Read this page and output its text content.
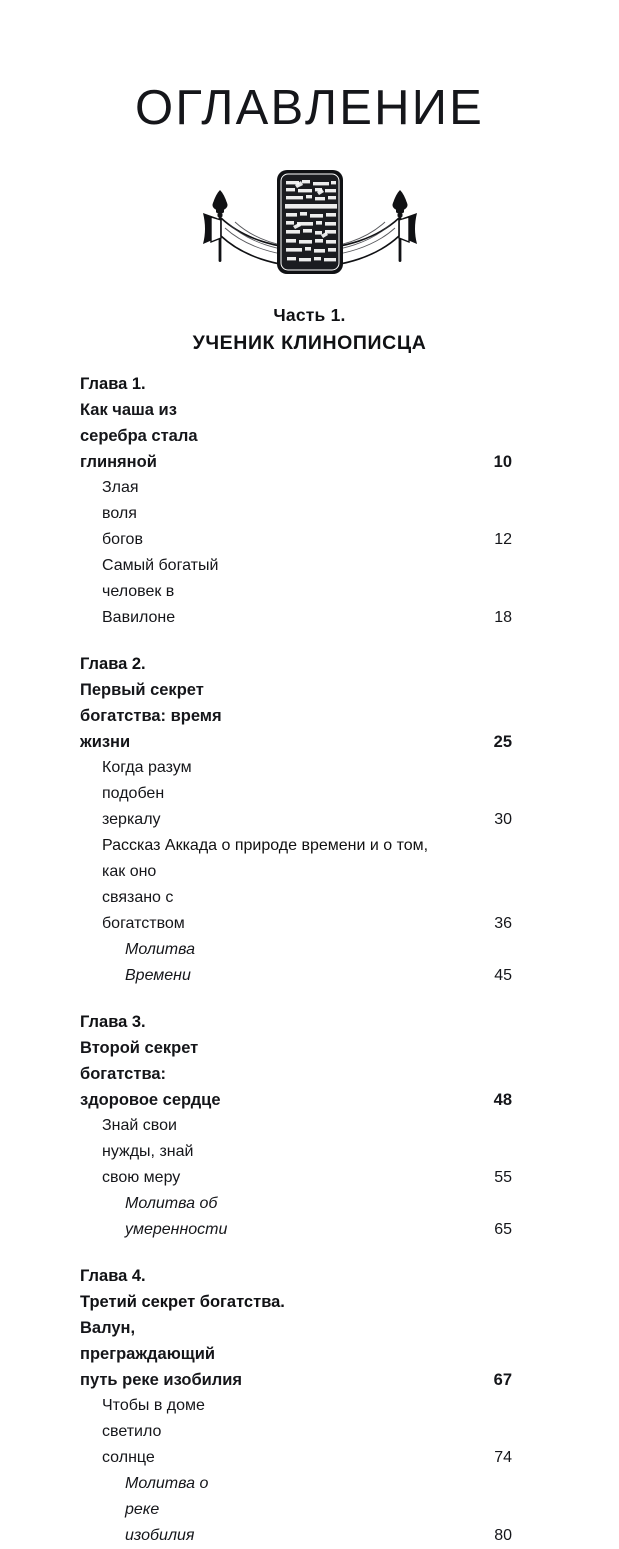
ОГЛАВЛЕНИЕ
Часть 1.
УЧЕНИК КЛИНОПИСЦА
Глава 1.
Как чаша из серебра стала глиняной .....	10
Злая воля богов .....	12
Самый богатый человек в Вавилоне .....	18
Глава 2.
Первый секрет богатства: время жизни .....	25
Когда разум подобен зеркалу .....	30
Рассказ Аккада о природе времени и о том,
как оно связано с богатством .....	36
Молитва Времени .....	45
Глава 3.
Второй секрет богатства: здоровое сердце .....	48
Знай свои нужды, знай свою меру .....	55
Молитва об умеренности .....	65
Глава 4.
Третий секрет богатства.
Валун, преграждающий путь реке изобилия .....	67
Чтобы в доме светило солнце .....	74
Молитва о реке изобилия .....	80
